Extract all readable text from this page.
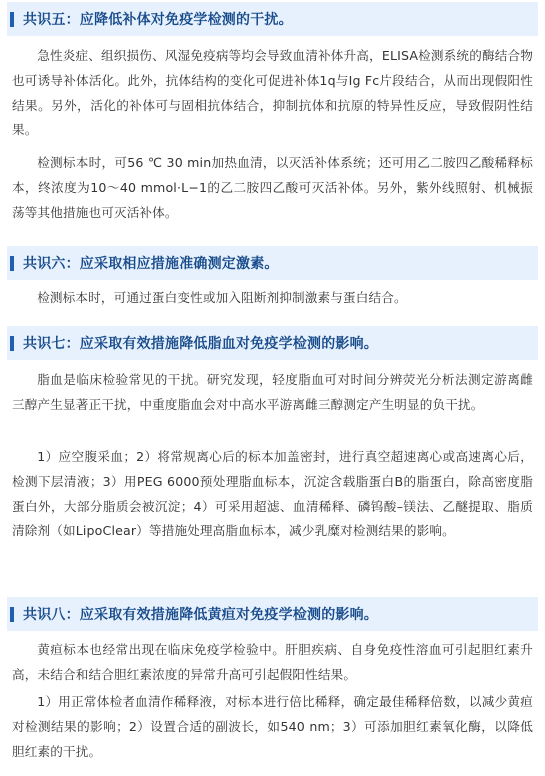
共识五：应降低补体对免疫学检测的干扰。

急性炎症、组织损伤、风湿免疫病等均会导致血清补体升高，ELISA检测系统的酶结合物也可诱导补体活化。此外，抗体结构的变化可促进补体1q与Ig Fc片段结合，从而出现假阳性结果。另外，活化的补体可与固相抗体结合，抑制抗体和抗原的特异性反应，导致假阴性结果。

检测标本时，可56 ℃ 30 min加热血清，以灭活补体系统；还可用乙二胺四乙酸稀释标本，终浓度为10～40 mmol·L−1的乙二胺四乙酸可灭活补体。另外，紫外线照射、机械振荡等其他措施也可灭活补体。

共识六：应采取相应措施准确测定激素。

检测标本时，可通过蛋白变性或加入阻断剂抑制激素与蛋白结合。

共识七：应采取有效措施降低脂血对免疫学检测的影响。

脂血是临床检验常见的干扰。研究发现，轻度脂血可对时间分辨荧光分析法测定游离雌三醇产生显著正干扰，中重度脂血会对中高水平游离雌三醇测定产生明显的负干扰。

1）应空腹采血；2）将常规离心后的标本加盖密封，进行真空超速离心或高速离心后，检测下层清液；3）用PEG 6000预处理脂血标本，沉淀含载脂蛋白B的脂蛋白，除高密度脂蛋白外，大部分脂质会被沉淀；4）可采用超滤、血清稀释、磷钨酸–镁法、乙醚提取、脂质清除剂（如LipoClear）等措施处理高脂血标本，减少乳糜对检测结果的影响。

共识八：应采取有效措施降低黄疸对免疫学检测的影响。

黄疸标本也经常出现在临床免疫学检验中。肝胆疾病、自身免疫性溶血可引起胆红素升高，未结合和结合胆红素浓度的异常升高可引起假阳性结果。

1）用正常体检者血清作稀释液，对标本进行倍比稀释，确定最佳稀释倍数，以减少黄疸对检测结果的影响；2）设置合适的副波长，如540 nm；3）可添加胆红素氧化酶，以降低胆红素的干扰。
